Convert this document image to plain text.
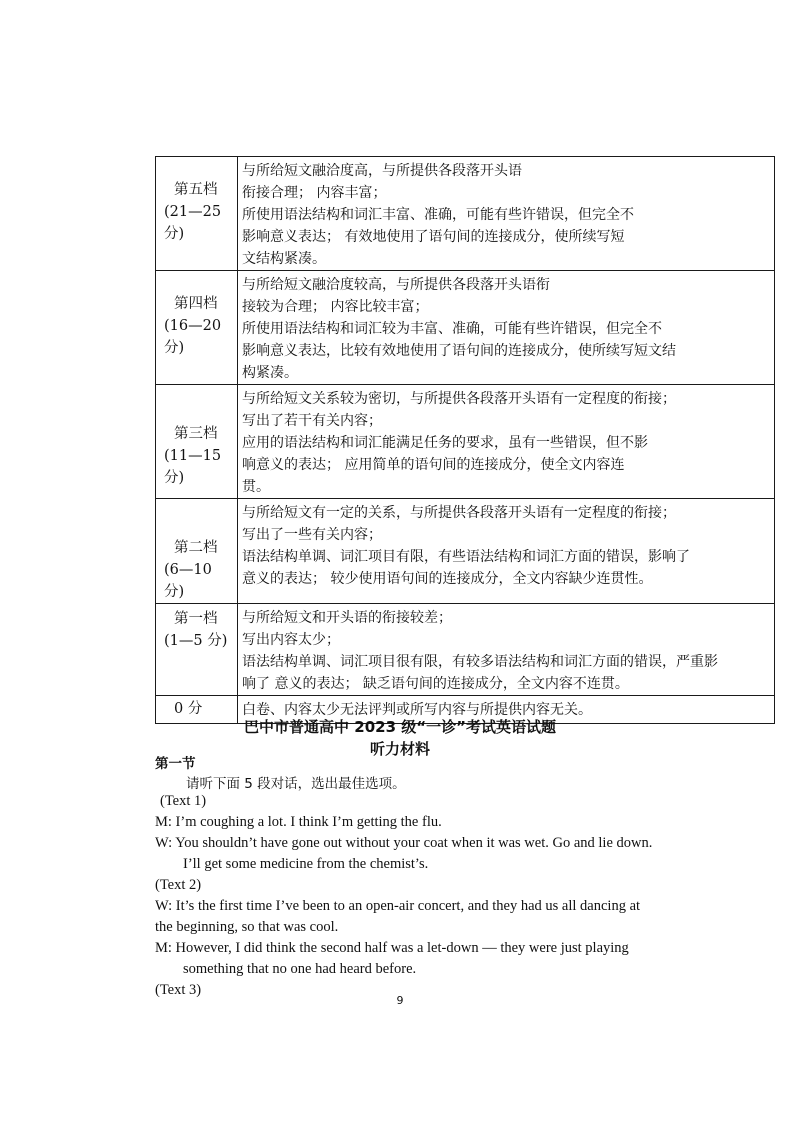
第五档
(21—25
分)	与所给短文融洽度高，与所提供各段落开头语
衔接合理； 内容丰富；
所使用语法结构和词汇丰富、准确，可能有些许错误，但完全不
影响意义表达； 有效地使用了语句间的连接成分，使所续写短
文结构紧凑。

第四档
(16—20
分)	与所给短文融洽度较高，与所提供各段落开头语衔
接较为合理； 内容比较丰富；
所使用语法结构和词汇较为丰富、准确，可能有些许错误，但完全不
影响意义表达，比较有效地使用了语句间的连接成分，使所续写短文结
构紧凑。

第三档
(11—15
分)	与所给短文关系较为密切，与所提供各段落开头语有一定程度的衔接；
写出了若干有关内容；
应用的语法结构和词汇能满足任务的要求，虽有一些错误，但不影
响意义的表达； 应用简单的语句间的连接成分，使全文内容连
贯。

第二档
(6—10
分)	与所给短文有一定的关系，与所提供各段落开头语有一定程度的衔接；
写出了一些有关内容；
语法结构单调、词汇项目有限，有些语法结构和词汇方面的错误，影响了
意义的表达； 较少使用语句间的连接成分，全文内容缺少连贯性。

第一档
(1—5 分)	与所给短文和开头语的衔接较差；
写出内容太少；
语法结构单调、词汇项目很有限，有较多语法结构和词汇方面的错误，严重影
响了 意义的表达； 缺乏语句间的连接成分，全文内容不连贯。

0 分	白卷、内容太少无法评判或所写内容与所提供内容无关。
巴中市普通高中 2023 级“一诊”考试英语试题
听力材料
第一节
请听下面 5 段对话，选出最佳选项。
(Text 1)
M: I’m coughing a lot. I think I’m getting the flu.
W: You shouldn’t have gone out without your coat when it was wet. Go and lie down.
I’ll get some medicine from the chemist’s.
(Text 2)
W: It’s the first time I’ve been to an open-air concert, and they had us all dancing at
the beginning, so that was cool.
M: However, I did think the second half was a let-down — they were just playing
something that no one had heard before.
(Text 3)
9
